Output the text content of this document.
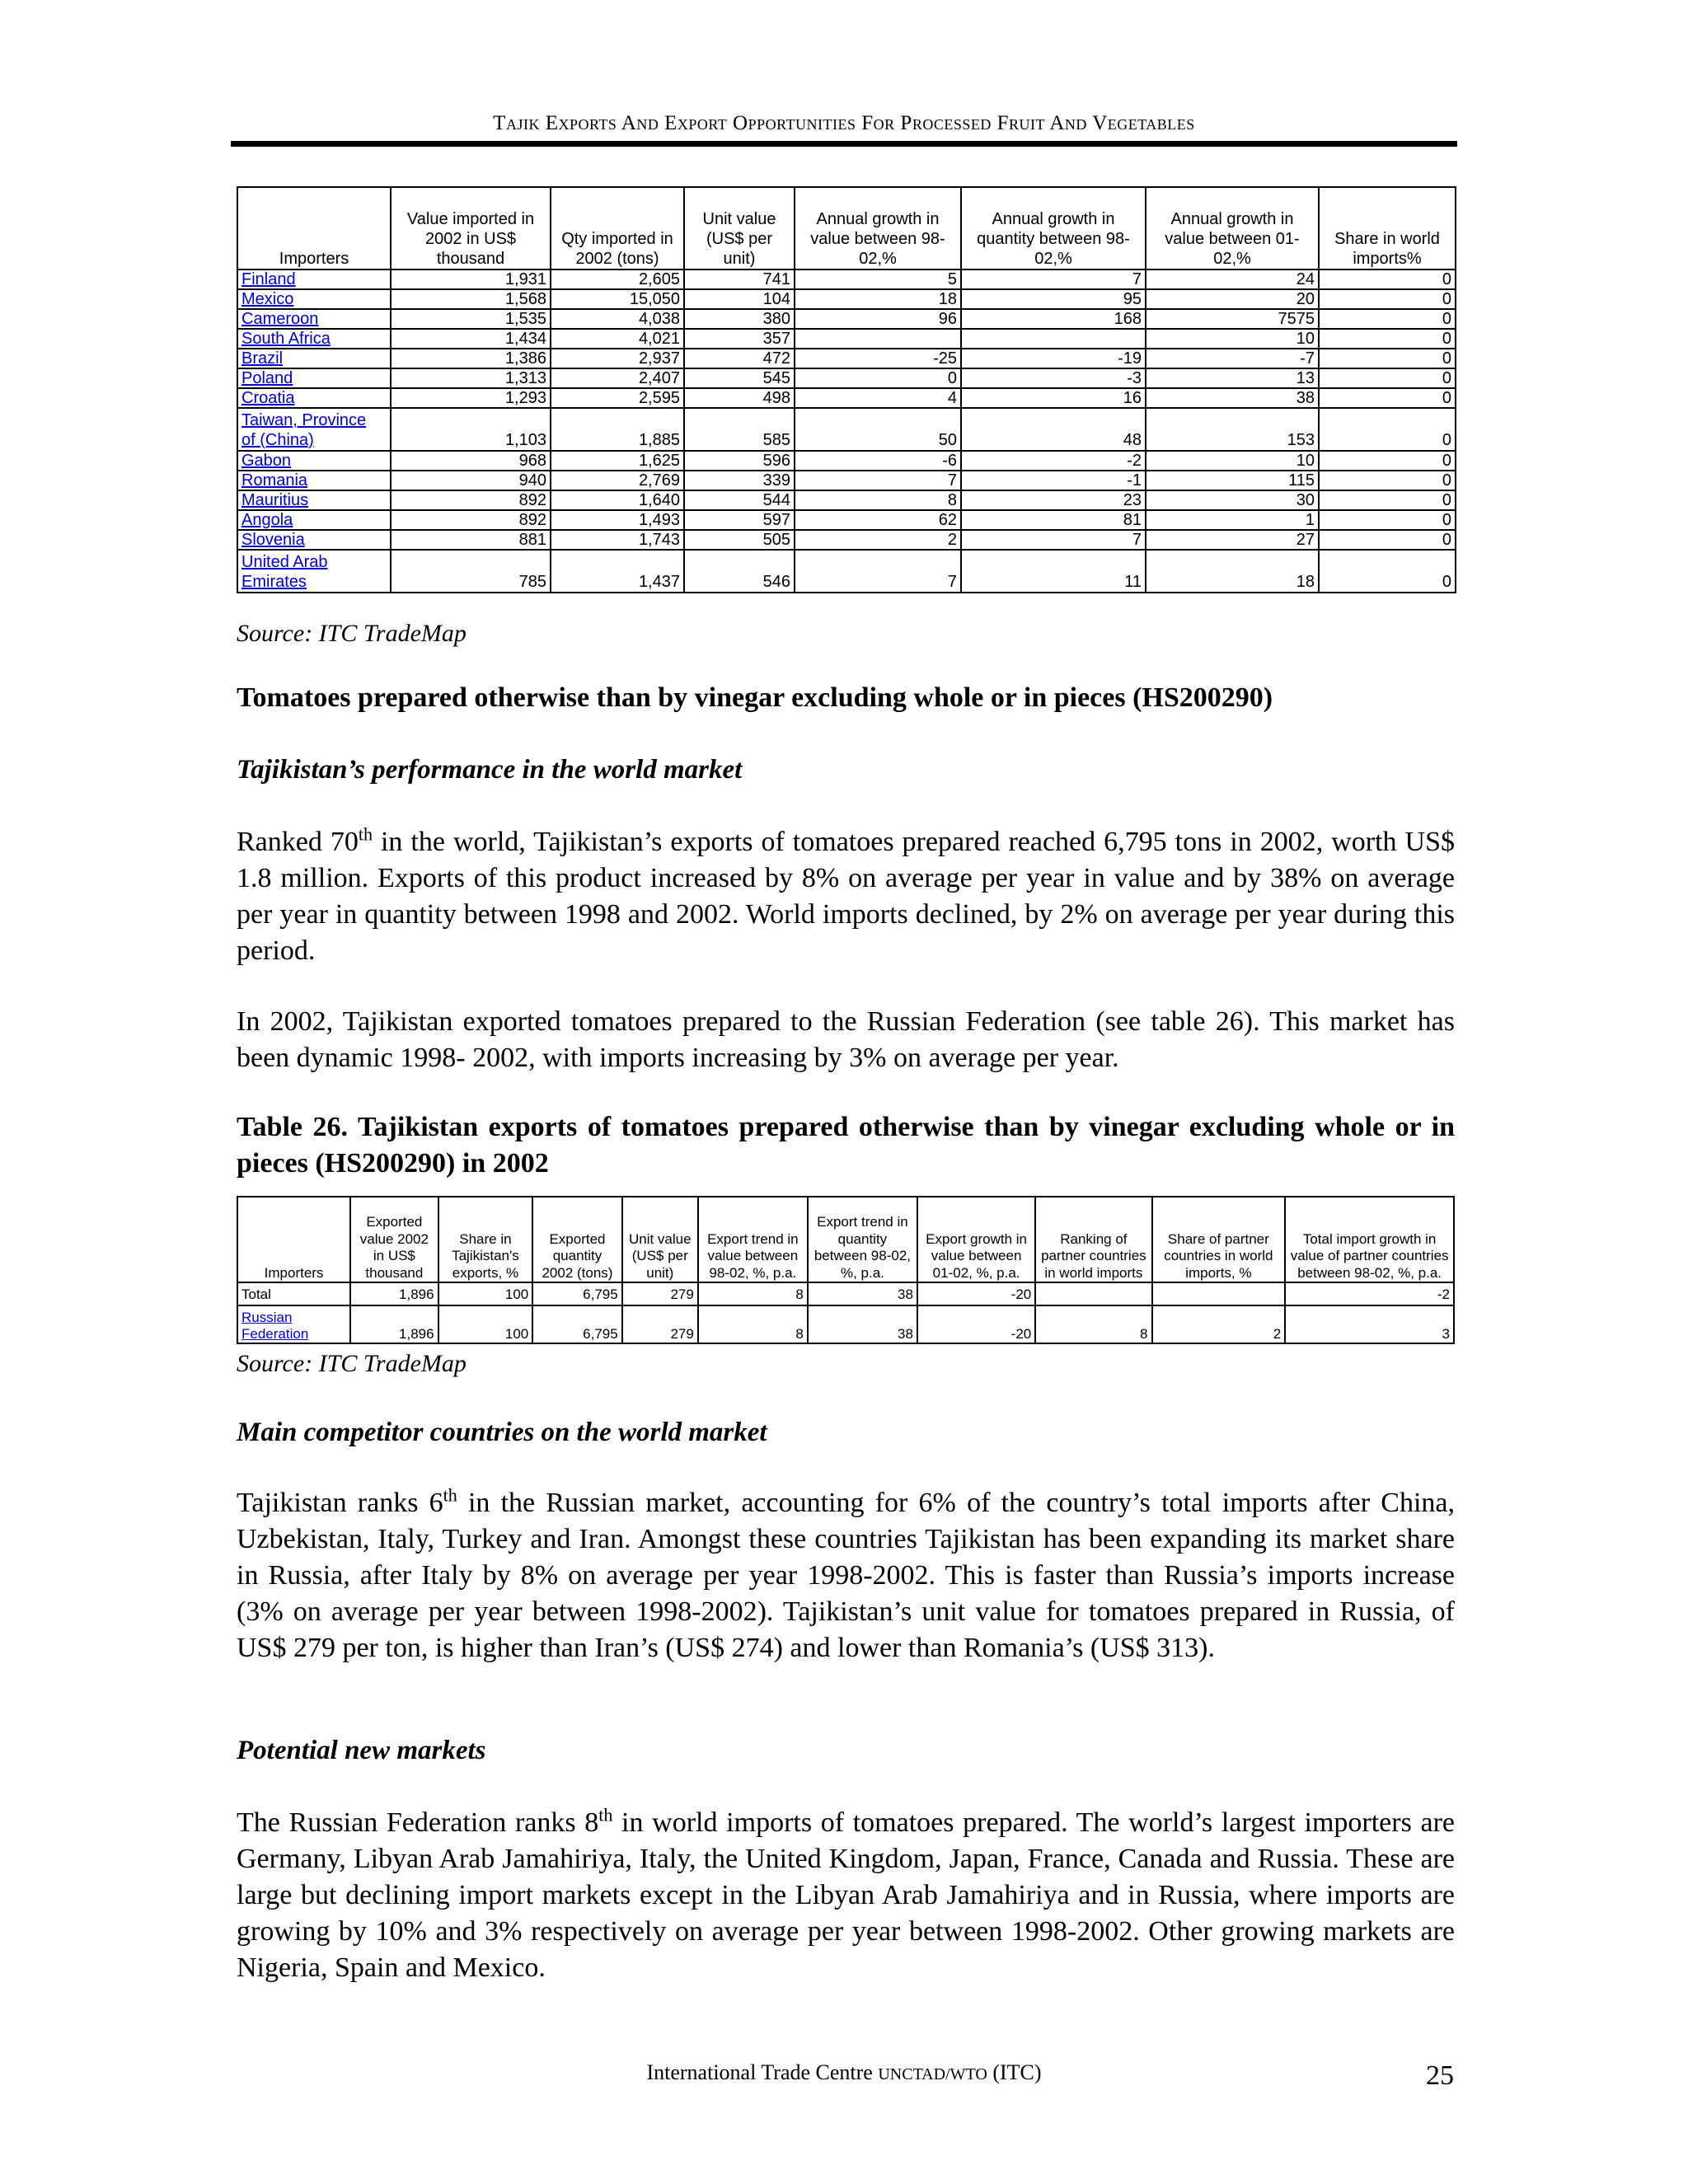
Tajik Exports And Export Opportunities For Processed Fruit And Vegetables
Importers	Value imported in 2002 in US$ thousand	Qty imported in 2002 (tons)	Unit value (US$ per unit)	Annual growth in value between 98-02,%	Annual growth in quantity between 98-02,%	Annual growth in value between 01-02,%	Share in world imports%
Finland	1,931	2,605	741	5	7	24	0
Mexico	1,568	15,050	104	18	95	20	0
Cameroon	1,535	4,038	380	96	168	7575	0
South Africa	1,434	4,021	357			10	0
Brazil	1,386	2,937	472	-25	-19	-7	0
Poland	1,313	2,407	545	0	-3	13	0
Croatia	1,293	2,595	498	4	16	38	0
Taiwan, Province
of (China)	1,103	1,885	585	50	48	153	0
Gabon	968	1,625	596	-6	-2	10	0
Romania	940	2,769	339	7	-1	115	0
Mauritius	892	1,640	544	8	23	30	0
Angola	892	1,493	597	62	81	1	0
Slovenia	881	1,743	505	2	7	27	0
United Arab
Emirates	785	1,437	546	7	11	18	0
Source: ITC TradeMap
Tomatoes prepared otherwise than by vinegar excluding whole or in pieces (HS200290)
Tajikistan’s performance in the world market
Ranked 70th in the world, Tajikistan’s exports of tomatoes prepared reached 6,795 tons in 2002, worth US$ 1.8 million. Exports of this product increased by 8% on average per year in value and by 38% on average per year in quantity between 1998 and 2002. World imports declined, by 2% on average per year during this period.
In 2002, Tajikistan exported tomatoes prepared to the Russian Federation (see table 26). This market has been dynamic 1998- 2002, with imports increasing by 3% on average per year.
Table 26. Tajikistan exports of tomatoes prepared otherwise than by vinegar excluding whole or in pieces (HS200290) in 2002
Importers	Exported value 2002 in US$ thousand	Share in Tajikistan's exports, %	Exported quantity 2002 (tons)	Unit value (US$ per unit)	Export trend in value between 98-02, %, p.a.	Export trend in quantity between 98-02, %, p.a.	Export growth in value between 01-02, %, p.a.	Ranking of partner countries in world imports	Share of partner countries in world imports, %	Total import growth in value of partner countries between 98-02, %, p.a.
Total	1,896	100	6,795	279	8	38	-20			-2
Russian
Federation	1,896	100	6,795	279	8	38	-20	8	2	3
Source: ITC TradeMap
Main competitor countries on the world market
Tajikistan ranks 6th in the Russian market, accounting for 6% of the country’s total imports after China, Uzbekistan, Italy, Turkey and Iran. Amongst these countries Tajikistan has been expanding its market share in Russia, after Italy by 8% on average per year 1998-2002. This is faster than Russia’s imports increase (3% on average per year between 1998-2002). Tajikistan’s unit value for tomatoes prepared in Russia, of US$ 279 per ton, is higher than Iran’s (US$ 274) and lower than Romania’s (US$ 313).
Potential new markets
The Russian Federation ranks 8th in world imports of tomatoes prepared. The world’s largest importers are Germany, Libyan Arab Jamahiriya, Italy, the United Kingdom, Japan, France, Canada and Russia. These are large but declining import markets except in the Libyan Arab Jamahiriya and in Russia, where imports are growing by 10% and 3% respectively on average per year between 1998-2002. Other growing markets are Nigeria, Spain and Mexico.
International Trade Centre UNCTAD/WTO (ITC)	25
